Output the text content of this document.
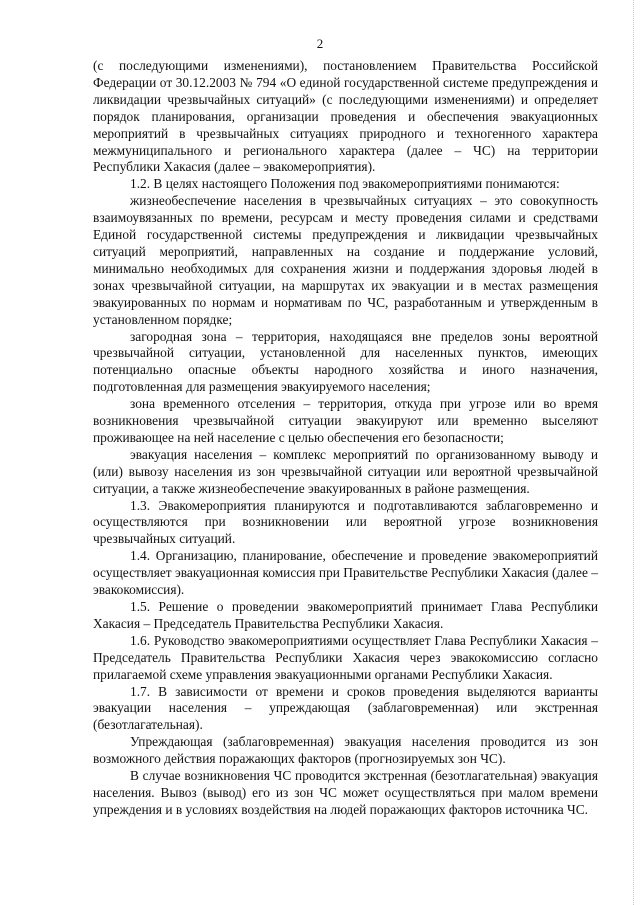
2

(с последующими изменениями), постановлением Правительства Российской Федерации от 30.12.2003 № 794 «О единой государственной системе предупреждения и ликвидации чрезвычайных ситуаций» (с последующими изменениями) и определяет порядок планирования, организации проведения и обеспечения эвакуационных мероприятий в чрезвычайных ситуациях природного и техногенного характера межмуниципального и регионального характера (далее – ЧС) на территории Республики Хакасия (далее – эвакомероприятия).

1.2. В целях настоящего Положения под эвакомероприятиями понимаются:

жизнеобеспечение населения в чрезвычайных ситуациях – это совокупность взаимоувязанных по времени, ресурсам и месту проведения силами и средствами Единой государственной системы предупреждения и ликвидации чрезвычайных ситуаций мероприятий, направленных на создание и поддержание условий, минимально необходимых для сохранения жизни и поддержания здоровья людей в зонах чрезвычайной ситуации, на маршрутах их эвакуации и в местах размещения эвакуированных по нормам и нормативам по ЧС, разработанным и утвержденным в установленном порядке;

загородная зона – территория, находящаяся вне пределов зоны вероятной чрезвычайной ситуации, установленной для населенных пунктов, имеющих потенциально опасные объекты народного хозяйства и иного назначения, подготовленная для размещения эвакуируемого населения;

зона временного отселения – территория, откуда при угрозе или во время возникновения чрезвычайной ситуации эвакуируют или временно выселяют проживающее на ней население с целью обеспечения его безопасности;

эвакуация населения – комплекс мероприятий по организованному выводу и (или) вывозу населения из зон чрезвычайной ситуации или вероятной чрезвычайной ситуации, а также жизнеобеспечение эвакуированных в районе размещения.

1.3. Эвакомероприятия планируются и подготавливаются заблаговременно и осуществляются при возникновении или вероятной угрозе возникновения чрезвычайных ситуаций.

1.4. Организацию, планирование, обеспечение и проведение эвакомероприятий осуществляет эвакуационная комиссия при Правительстве Республики Хакасия (далее – эвакокомиссия).

1.5. Решение о проведении эвакомероприятий принимает Глава Республики Хакасия – Председатель Правительства Республики Хакасия.

1.6. Руководство эвакомероприятиями осуществляет Глава Республики Хакасия – Председатель Правительства Республики Хакасия через эвакокомиссию согласно прилагаемой схеме управления эвакуационными органами Республики Хакасия.

1.7. В зависимости от времени и сроков проведения выделяются варианты эвакуации населения – упреждающая (заблаговременная) или экстренная (безотлагательная).

Упреждающая (заблаговременная) эвакуация населения проводится из зон возможного действия поражающих факторов (прогнозируемых зон ЧС).

В случае возникновения ЧС проводится экстренная (безотлагательная) эвакуация населения. Вывоз (вывод) его из зон ЧС может осуществляться при малом времени упреждения и в условиях воздействия на людей поражающих факторов источника ЧС.
